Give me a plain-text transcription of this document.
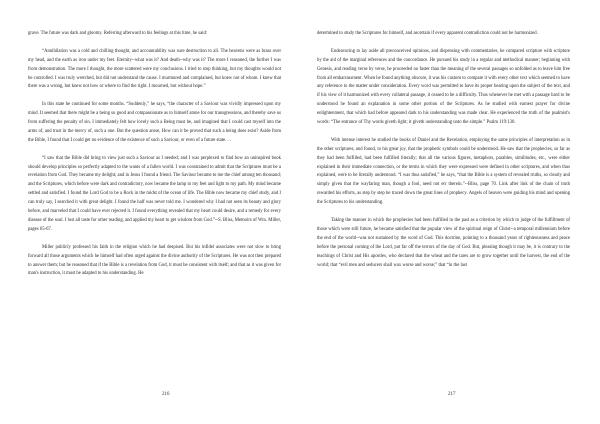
grave. The future was dark and gloomy. Referring afterward to his feelings at this time, he said:

“Annihilation was a cold and chilling thought, and accountability was sure destruction to all. The heavens were as brass over my head, and the earth as iron under my feet. Eternity--what was it? And death--why was it? The more I reasoned, the further I was from demonstration. The more I thought, the more scattered were my conclusions. I tried to stop thinking, but my thoughts would not be controlled. I was truly wretched, but did not understand the cause. I murmured and complained, but knew not of whom. I knew that there was a wrong, but knew not how or where to find the right. I mourned, but without hope.”

In this state he continued for some months. “Suddenly,” he says, “the character of a Saviour was vividly impressed upon my mind. It seemed that there might be a being so good and compassionate as to himself atone for our transgressions, and thereby save us from suffering the penalty of sin. I immediately felt how lovely such a Being must be, and imagined that I could cast myself into the arms of, and trust in the mercy of, such a one. But the question arose, How can it be proved that such a being does exist? Aside from the Bible, I found that I could get no evidence of the existence of such a Saviour, or even of a future state. . .

“I saw that the Bible did bring to view just such a Saviour as I needed; and I was perplexed to find how an uninspired book should develop principles so perfectly adapted to the wants of a fallen world. I was constrained to admit that the Scriptures must be a revelation from God. They became my delight; and in Jesus I found a friend. The Saviour became to me the chief among ten thousand; and the Scriptures, which before were dark and contradictory, now became the lamp to my feet and light to my path. My mind became settled and satisfied. I found the Lord God to be a Rock in the midst of the ocean of life. The Bible now became my chief study, and I can truly say, I searched it with great delight. I found the half was never told me. I wondered why I had not seen its beauty and glory before, and marveled that I could have ever rejected it. I found everything revealed that my heart could desire, and a remedy for every disease of the soul. I lost all taste for other reading, and applied my heart to get wisdom from God.”--S. Bliss, Memoirs of Wm. Miller, pages 65-67.

Miller publicly professed his faith in the religion which he had despised. But his infidel associates were not slow to bring forward all those arguments which he himself had often urged against the divine authority of the Scriptures. He was not then prepared to answer them; but he reasoned that if the Bible is a revelation from God, it must be consistent with itself; and that as it was given for man's instruction, it must be adapted to his understanding. He

216

determined to study the Scriptures for himself, and ascertain if every apparent contradiction could not be harmonized.

Endeavoring to lay aside all preconceived opinions, and dispensing with commentaries, he compared scripture with scripture by the aid of the marginal references and the concordance. He pursued his study in a regular and methodical manner; beginning with Genesis, and reading verse by verse, he proceeded no faster than the meaning of the several passages so unfolded as to leave him free from all embarrassment. When he found anything obscure, it was his custom to compare it with every other text which seemed to have any reference to the matter under consideration. Every word was permitted to have its proper bearing upon the subject of the text, and if his view of it harmonized with every collateral passage, it ceased to be a difficulty. Thus whenever he met with a passage hard to be understood he found an explanation in some other portion of the Scriptures. As he studied with earnest prayer for divine enlightenment, that which had before appeared dark to his understanding was made clear. He experienced the truth of the psalmist's words: “The entrance of Thy words giveth light; it giveth understanding unto the simple.” Psalm 119:130.

With intense interest he studied the books of Daniel and the Revelation, employing the same principles of interpretation as in the other scriptures, and found, to his great joy, that the prophetic symbols could be understood. He saw that the prophecies, so far as they had been fulfilled, had been fulfilled literally; that all the various figures, metaphors, parables, similitudes, etc., were either explained in their immediate connection, or the terms in which they were expressed were defined in other scriptures, and when thus explained, were to be literally understood. “I was thus satisfied,” he says, “that the Bible is a system of revealed truths, so clearly and simply given that the wayfaring man, though a fool, need not err therein.”--Bliss, page 70. Link after link of the chain of truth rewarded his efforts, as step by step he traced down the great lines of prophecy. Angels of heaven were guiding his mind and opening the Scriptures to his understanding.

Taking the manner in which the prophecies had been fulfilled in the past as a criterion by which to judge of the fulfillment of those which were still future, he became satisfied that the popular view of the spiritual reign of Christ--a temporal millennium before the end of the world--was not sustained by the word of God. This doctrine, pointing to a thousand years of righteousness and peace before the personal coming of the Lord, put far off the terrors of the day of God. But, pleasing though it may be, it is contrary to the teachings of Christ and His apostles, who declared that the wheat and the tares are to grow together until the harvest, the end of the world; that “evil men and seducers shall wax worse and worse;” that “in the last

217
